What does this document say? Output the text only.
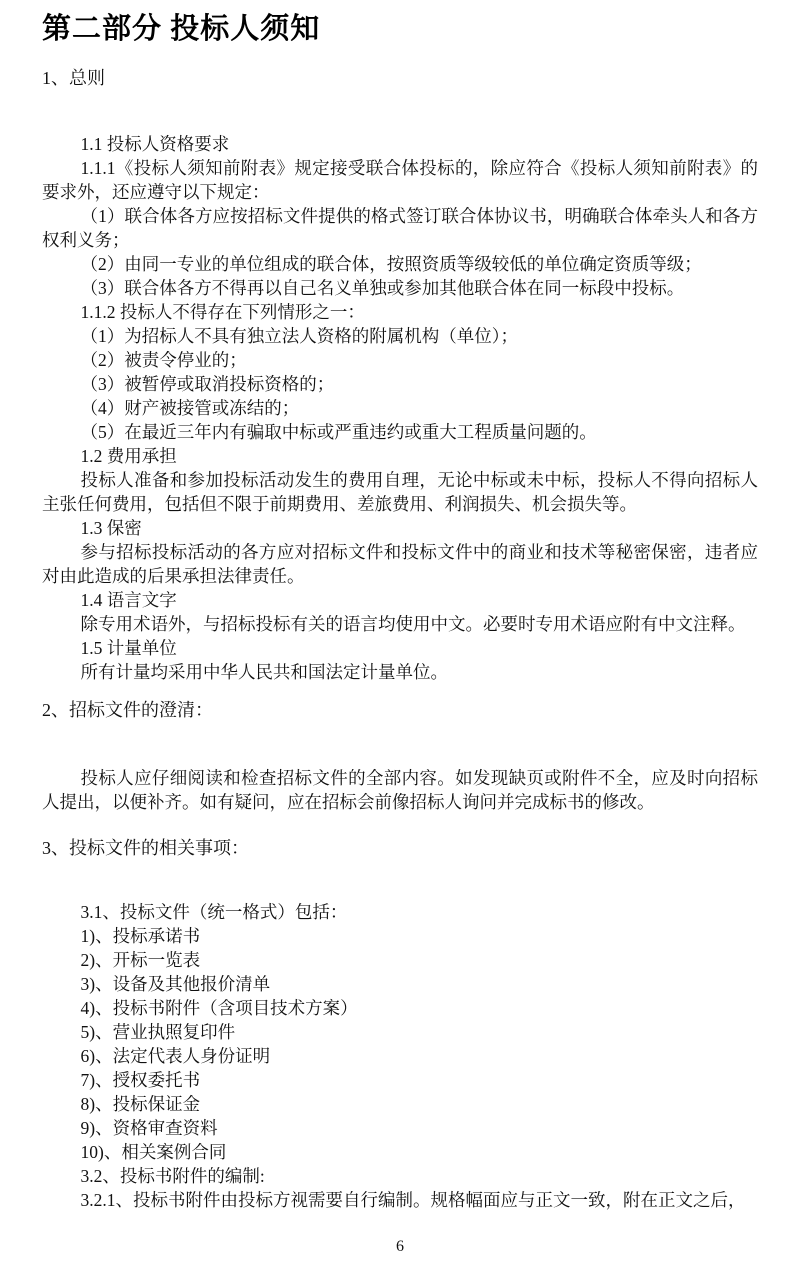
第二部分 投标人须知
1、总则

1.1 投标人资格要求

1.1.1《投标人须知前附表》规定接受联合体投标的，除应符合《投标人须知前附表》的要求外，还应遵守以下规定：

（1）联合体各方应按招标文件提供的格式签订联合体协议书，明确联合体牵头人和各方权利义务；

（2）由同一专业的单位组成的联合体，按照资质等级较低的单位确定资质等级；

（3）联合体各方不得再以自己名义单独或参加其他联合体在同一标段中投标。

1.1.2 投标人不得存在下列情形之一：

（1）为招标人不具有独立法人资格的附属机构（单位）；

（2）被责令停业的；

（3）被暂停或取消投标资格的；

（4）财产被接管或冻结的；

（5）在最近三年内有骗取中标或严重违约或重大工程质量问题的。

1.2 费用承担

投标人准备和参加投标活动发生的费用自理，无论中标或未中标，投标人不得向招标人主张任何费用，包括但不限于前期费用、差旅费用、利润损失、机会损失等。

1.3 保密

参与招标投标活动的各方应对招标文件和投标文件中的商业和技术等秘密保密，违者应对由此造成的后果承担法律责任。

1.4 语言文字

除专用术语外，与招标投标有关的语言均使用中文。必要时专用术语应附有中文注释。

1.5 计量单位

所有计量均采用中华人民共和国法定计量单位。

2、招标文件的澄清：

投标人应仔细阅读和检查招标文件的全部内容。如发现缺页或附件不全，应及时向招标人提出，以便补齐。如有疑问，应在招标会前像招标人询问并完成标书的修改。

3、投标文件的相关事项：

3.1、投标文件（统一格式）包括：

1)、投标承诺书

2)、开标一览表

3)、设备及其他报价清单

4)、投标书附件（含项目技术方案）

5)、营业执照复印件

6)、法定代表人身份证明

7)、授权委托书

8)、投标保证金

9)、资格审查资料

10)、相关案例合同

3.2、投标书附件的编制:

3.2.1、投标书附件由投标方视需要自行编制。规格幅面应与正文一致，附在正文之后，

6
